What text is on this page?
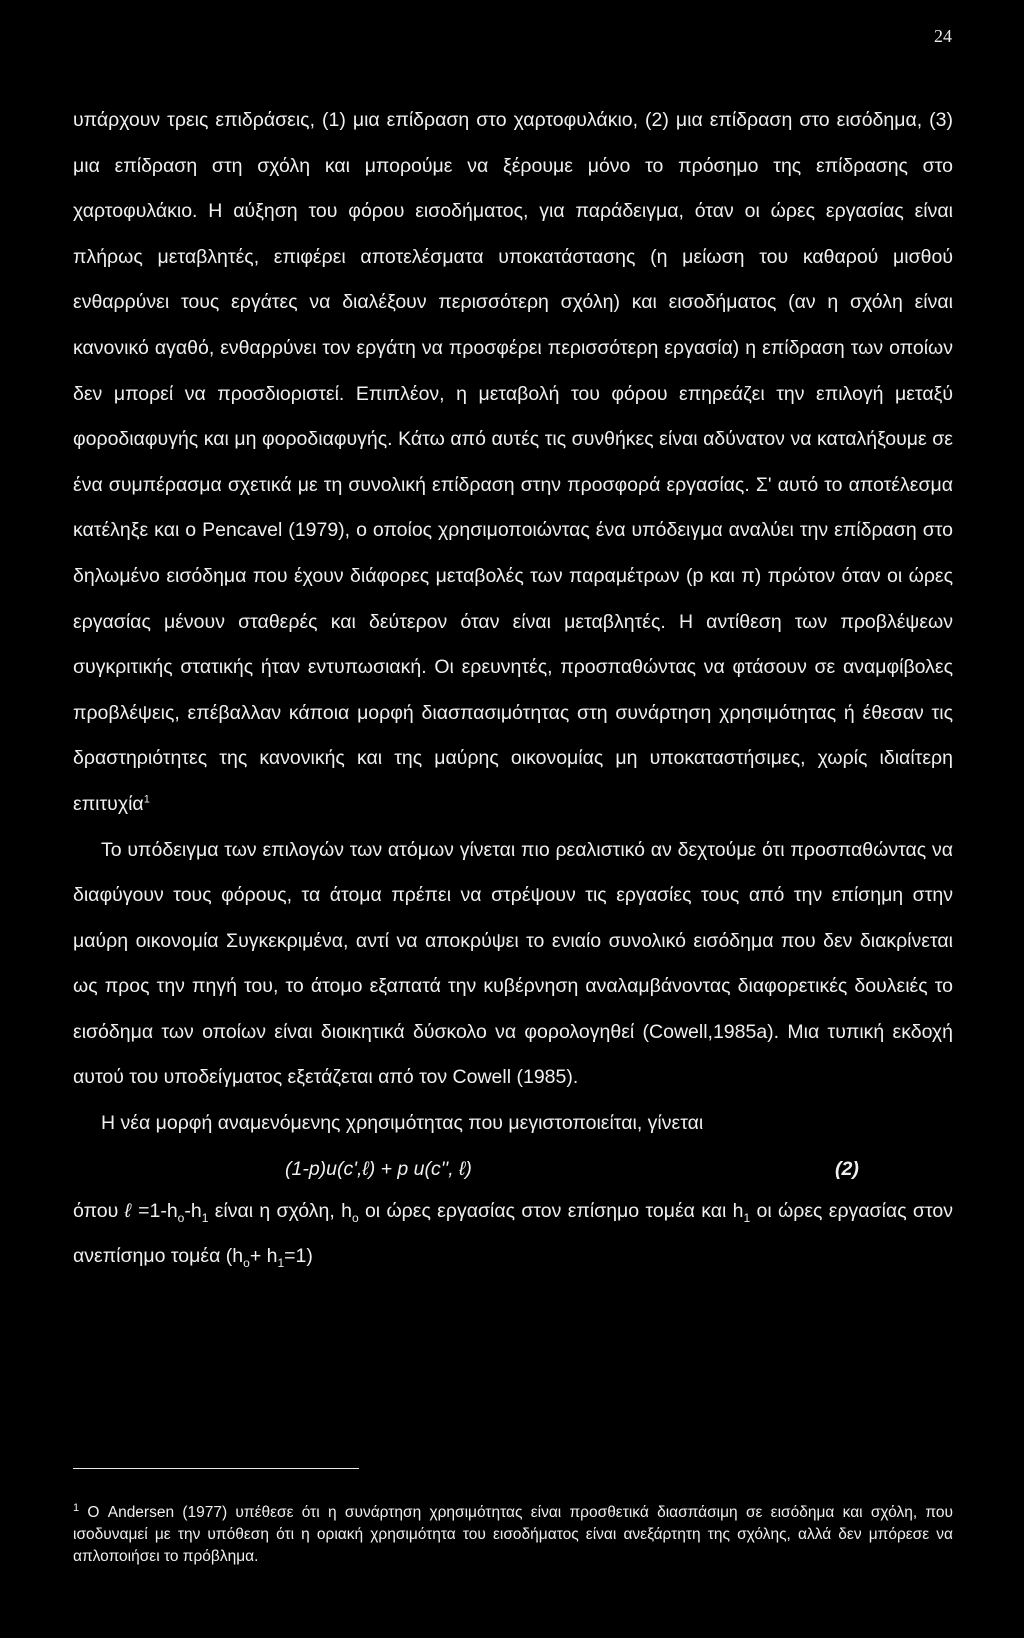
24

υπάρχουν τρεις επιδράσεις, (1) μια επίδραση στο χαρτοφυλάκιο, (2) μια επίδραση στο εισόδημα, (3) μια επίδραση στη σχόλη και μπορούμε να ξέρουμε μόνο το πρόσημο της επίδρασης στο χαρτοφυλάκιο. Η αύξηση του φόρου εισοδήματος, για παράδειγμα, όταν οι ώρες εργασίας είναι πλήρως μεταβλητές, επιφέρει αποτελέσματα υποκατάστασης (η μείωση του καθαρού μισθού ενθαρρύνει τους εργάτες να διαλέξουν περισσότερη σχόλη) και εισοδήματος (αν η σχόλη είναι κανονικό αγαθό, ενθαρρύνει τον εργάτη να προσφέρει περισσότερη εργασία) η επίδραση των οποίων δεν μπορεί να προσδιοριστεί. Επιπλέον, η μεταβολή του φόρου επηρεάζει την επιλογή μεταξύ φοροδιαφυγής και μη φοροδιαφυγής. Κάτω από αυτές τις συνθήκες είναι αδύνατον να καταλήξουμε σε ένα συμπέρασμα σχετικά με τη συνολική επίδραση στην προσφορά εργασίας. Σ' αυτό το αποτέλεσμα κατέληξε και ο Pencavel (1979), ο οποίος χρησιμοποιώντας ένα υπόδειγμα αναλύει την επίδραση στο δηλωμένο εισόδημα που έχουν διάφορες μεταβολές των παραμέτρων (p και π) πρώτον όταν οι ώρες εργασίας μένουν σταθερές και δεύτερον όταν είναι μεταβλητές. Η αντίθεση των προβλέψεων συγκριτικής στατικής ήταν εντυπωσιακή. Οι ερευνητές, προσπαθώντας να φτάσουν σε αναμφίβολες προβλέψεις, επέβαλλαν κάποια μορφή διασπασιμότητας στη συνάρτηση χρησιμότητας ή έθεσαν τις δραστηριότητες της κανονικής και της μαύρης οικονομίας μη υποκαταστήσιμες, χωρίς ιδιαίτερη επιτυχία$^1$

Το υπόδειγμα των επιλογών των ατόμων γίνεται πιο ρεαλιστικό αν δεχτούμε ότι προσπαθώντας να διαφύγουν τους φόρους, τα άτομα πρέπει να στρέψουν τις εργασίες τους από την επίσημη στην μαύρη οικονομία Συγκεκριμένα, αντί να αποκρύψει το ενιαίο συνολικό εισόδημα που δεν διακρίνεται ως προς την πηγή του, το άτομο εξαπατά την κυβέρνηση αναλαμβάνοντας διαφορετικές δουλειές το εισόδημα των οποίων είναι διοικητικά δύσκολο να φορολογηθεί (Cowell,1985a). Μια τυπική εκδοχή αυτού του υποδείγματος εξετάζεται από τον Cowell (1985).

Η νέα μορφή αναμενόμενης χρησιμότητας που μεγιστοποιείται, γίνεται

(1-p)u(c',ℓ) + p u(c'', ℓ)	(2)

όπου ℓ $=1-h_o-h_1$ είναι η σχόλη, $h_o$ οι ώρες εργασίας στον επίσημο τομέα και $h_1$ οι ώρες εργασίας στον ανεπίσημο τομέα $(h_o+ h_1=1)$

$^1$ Ο Andersen (1977) υπέθεσε ότι η συνάρτηση χρησιμότητας είναι προσθετικά διασπάσιμη σε εισόδημα και σχόλη, που ισοδυναμεί με την υπόθεση ότι η οριακή χρησιμότητα του εισοδήματος είναι ανεξάρτητη της σχόλης, αλλά δεν μπόρεσε να απλοποιήσει το πρόβλημα.
